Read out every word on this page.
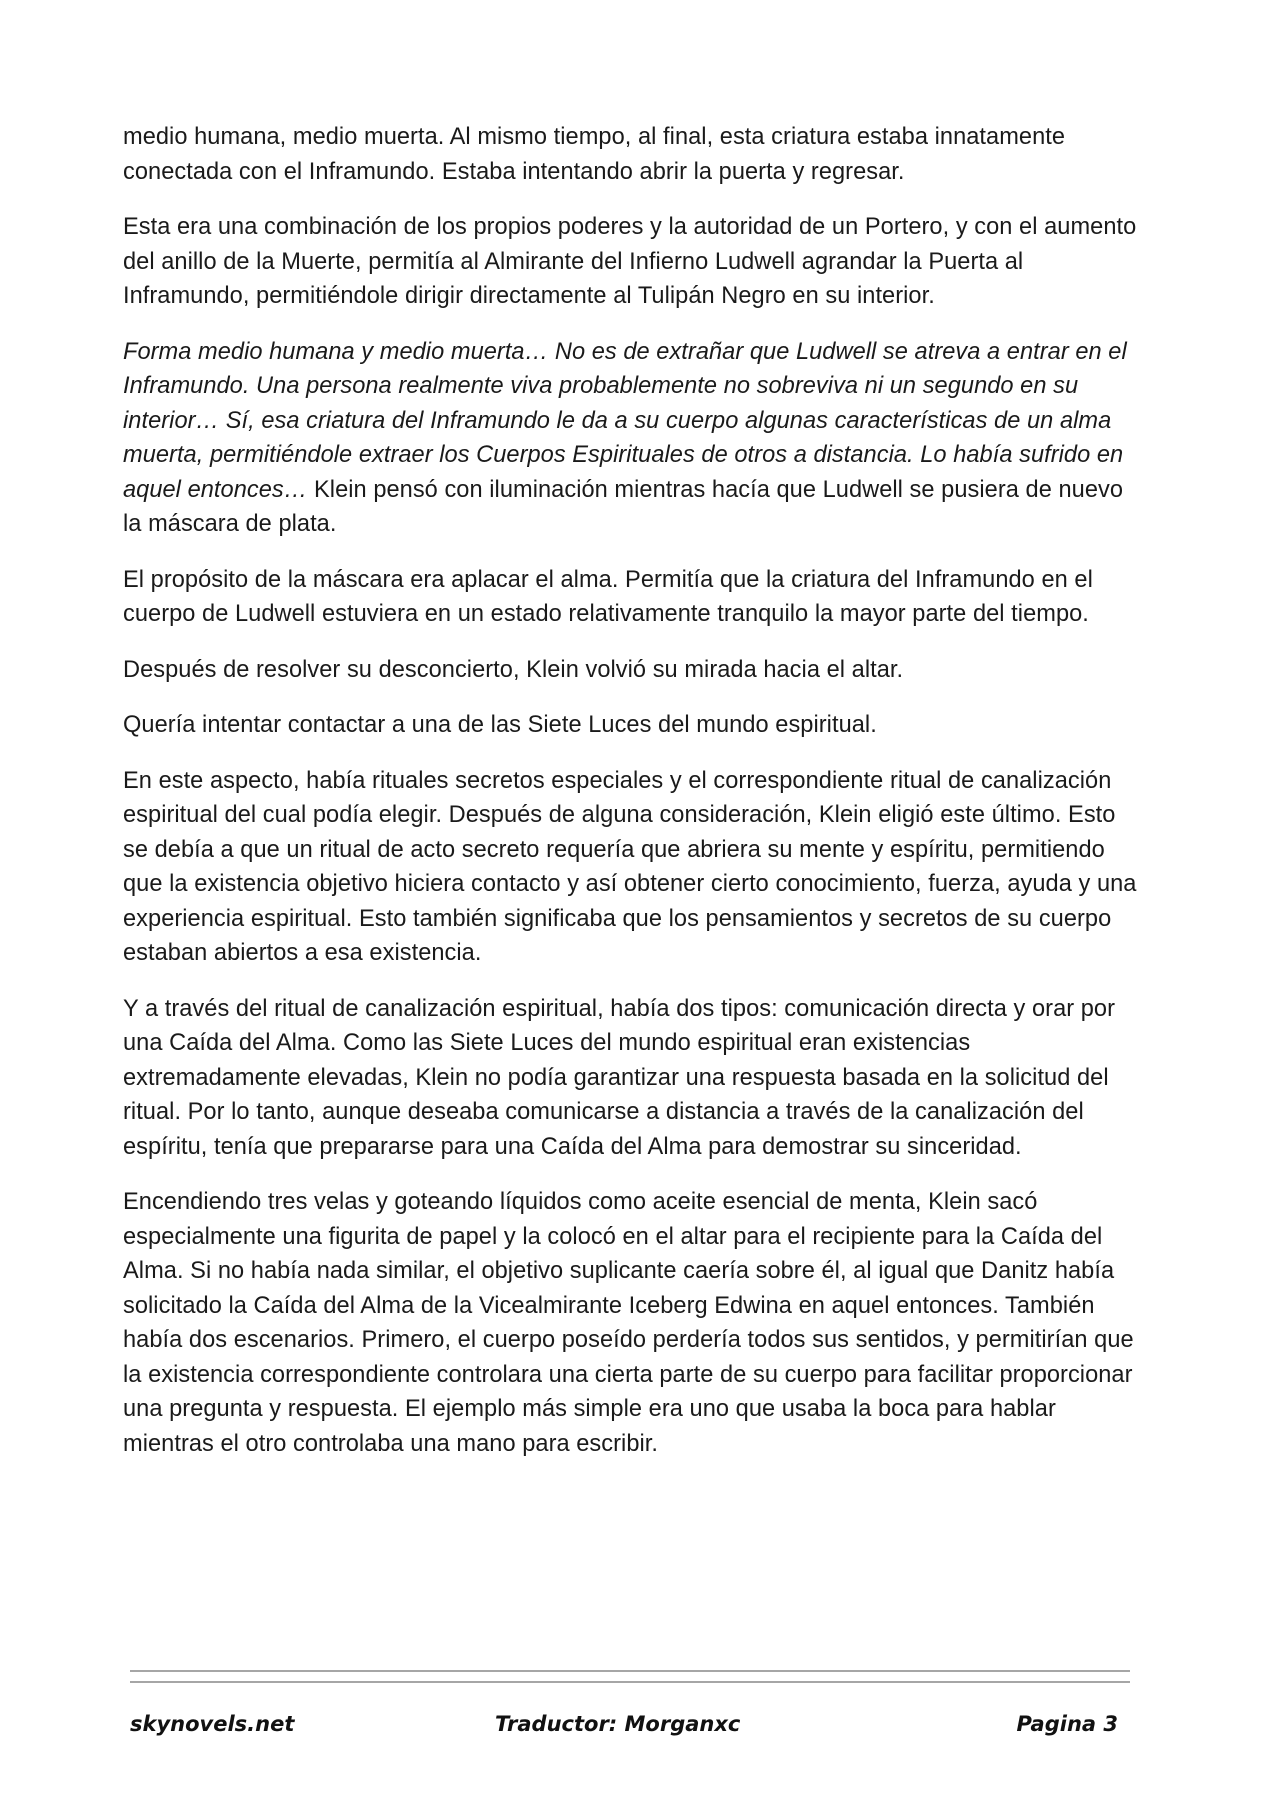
medio humana, medio muerta. Al mismo tiempo, al final, esta criatura estaba innatamente conectada con el Inframundo. Estaba intentando abrir la puerta y regresar.

Esta era una combinación de los propios poderes y la autoridad de un Portero, y con el aumento del anillo de la Muerte, permitía al Almirante del Infierno Ludwell agrandar la Puerta al Inframundo, permitiéndole dirigir directamente al Tulipán Negro en su interior.

Forma medio humana y medio muerta… No es de extrañar que Ludwell se atreva a entrar en el Inframundo. Una persona realmente viva probablemente no sobreviva ni un segundo en su interior… Sí, esa criatura del Inframundo le da a su cuerpo algunas características de un alma muerta, permitiéndole extraer los Cuerpos Espirituales de otros a distancia. Lo había sufrido en aquel entonces… Klein pensó con iluminación mientras hacía que Ludwell se pusiera de nuevo la máscara de plata.

El propósito de la máscara era aplacar el alma. Permitía que la criatura del Inframundo en el cuerpo de Ludwell estuviera en un estado relativamente tranquilo la mayor parte del tiempo.

Después de resolver su desconcierto, Klein volvió su mirada hacia el altar.

Quería intentar contactar a una de las Siete Luces del mundo espiritual.

En este aspecto, había rituales secretos especiales y el correspondiente ritual de canalización espiritual del cual podía elegir. Después de alguna consideración, Klein eligió este último. Esto se debía a que un ritual de acto secreto requería que abriera su mente y espíritu, permitiendo que la existencia objetivo hiciera contacto y así obtener cierto conocimiento, fuerza, ayuda y una experiencia espiritual. Esto también significaba que los pensamientos y secretos de su cuerpo estaban abiertos a esa existencia.

Y a través del ritual de canalización espiritual, había dos tipos: comunicación directa y orar por una Caída del Alma. Como las Siete Luces del mundo espiritual eran existencias extremadamente elevadas, Klein no podía garantizar una respuesta basada en la solicitud del ritual. Por lo tanto, aunque deseaba comunicarse a distancia a través de la canalización del espíritu, tenía que prepararse para una Caída del Alma para demostrar su sinceridad.

Encendiendo tres velas y goteando líquidos como aceite esencial de menta, Klein sacó especialmente una figurita de papel y la colocó en el altar para el recipiente para la Caída del Alma. Si no había nada similar, el objetivo suplicante caería sobre él, al igual que Danitz había solicitado la Caída del Alma de la Vicealmirante Iceberg Edwina en aquel entonces. También había dos escenarios. Primero, el cuerpo poseído perdería todos sus sentidos, y permitirían que la existencia correspondiente controlara una cierta parte de su cuerpo para facilitar proporcionar una pregunta y respuesta. El ejemplo más simple era uno que usaba la boca para hablar mientras el otro controlaba una mano para escribir.

skynovels.net	Traductor: Morganxc	Pagina 3
